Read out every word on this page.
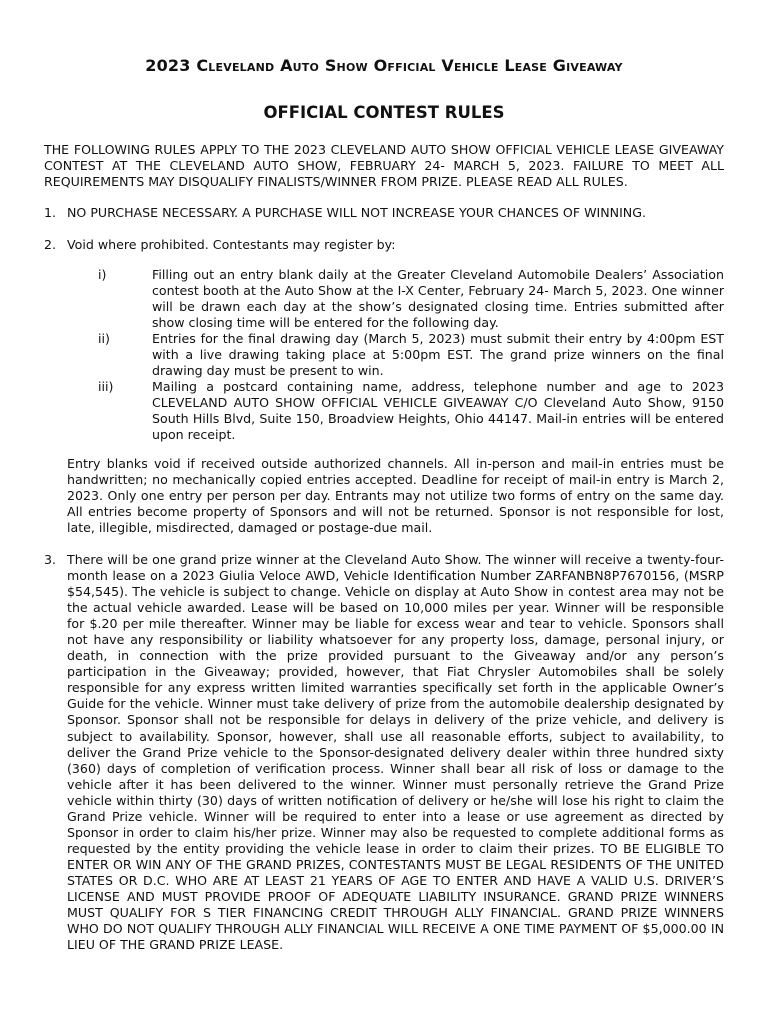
2023 Cleveland Auto Show Official Vehicle Lease Giveaway
OFFICIAL CONTEST RULES

THE FOLLOWING RULES APPLY TO THE 2023 CLEVELAND AUTO SHOW OFFICIAL VEHICLE LEASE GIVEAWAY CONTEST AT THE CLEVELAND AUTO SHOW, FEBRUARY 24- MARCH 5, 2023. FAILURE TO MEET ALL REQUIREMENTS MAY DISQUALIFY FINALISTS/WINNER FROM PRIZE. PLEASE READ ALL RULES.

1. NO PURCHASE NECESSARY. A PURCHASE WILL NOT INCREASE YOUR CHANCES OF WINNING.
2. Void where prohibited. Contestants may register by:
i)	Filling out an entry blank daily at the Greater Cleveland Automobile Dealers’ Association contest booth at the Auto Show at the I-X Center, February 24- March 5, 2023. One winner will be drawn each day at the show’s designated closing time. Entries submitted after show closing time will be entered for the following day.
ii)	Entries for the final drawing day (March 5, 2023) must submit their entry by 4:00pm EST with a live drawing taking place at 5:00pm EST. The grand prize winners on the final drawing day must be present to win.
iii)	Mailing a postcard containing name, address, telephone number and age to 2023 CLEVELAND AUTO SHOW OFFICIAL VEHICLE GIVEAWAY C/O Cleveland Auto Show, 9150 South Hills Blvd, Suite 150, Broadview Heights, Ohio 44147. Mail-in entries will be entered upon receipt.
Entry blanks void if received outside authorized channels. All in-person and mail-in entries must be handwritten; no mechanically copied entries accepted. Deadline for receipt of mail-in entry is March 2, 2023. Only one entry per person per day. Entrants may not utilize two forms of entry on the same day. All entries become property of Sponsors and will not be returned. Sponsor is not responsible for lost, late, illegible, misdirected, damaged or postage-due mail.
3. There will be one grand prize winner at the Cleveland Auto Show. The winner will receive a twenty-four-month lease on a 2023 Giulia Veloce AWD, Vehicle Identification Number ZARFANBN8P7670156, (MSRP $54,545). The vehicle is subject to change. Vehicle on display at Auto Show in contest area may not be the actual vehicle awarded. Lease will be based on 10,000 miles per year. Winner will be responsible for $.20 per mile thereafter. Winner may be liable for excess wear and tear to vehicle. Sponsors shall not have any responsibility or liability whatsoever for any property loss, damage, personal injury, or death, in connection with the prize provided pursuant to the Giveaway and/or any person’s participation in the Giveaway; provided, however, that Fiat Chrysler Automobiles shall be solely responsible for any express written limited warranties specifically set forth in the applicable Owner’s Guide for the vehicle. Winner must take delivery of prize from the automobile dealership designated by Sponsor. Sponsor shall not be responsible for delays in delivery of the prize vehicle, and delivery is subject to availability. Sponsor, however, shall use all reasonable efforts, subject to availability, to deliver the Grand Prize vehicle to the Sponsor-designated delivery dealer within three hundred sixty (360) days of completion of verification process. Winner shall bear all risk of loss or damage to the vehicle after it has been delivered to the winner. Winner must personally retrieve the Grand Prize vehicle within thirty (30) days of written notification of delivery or he/she will lose his right to claim the Grand Prize vehicle. Winner will be required to enter into a lease or use agreement as directed by Sponsor in order to claim his/her prize. Winner may also be requested to complete additional forms as requested by the entity providing the vehicle lease in order to claim their prizes. TO BE ELIGIBLE TO ENTER OR WIN ANY OF THE GRAND PRIZES, CONTESTANTS MUST BE LEGAL RESIDENTS OF THE UNITED STATES OR D.C. WHO ARE AT LEAST 21 YEARS OF AGE TO ENTER AND HAVE A VALID U.S. DRIVER’S LICENSE AND MUST PROVIDE PROOF OF ADEQUATE LIABILITY INSURANCE. GRAND PRIZE WINNERS MUST QUALIFY FOR S TIER FINANCING CREDIT THROUGH ALLY FINANCIAL. GRAND PRIZE WINNERS WHO DO NOT QUALIFY THROUGH ALLY FINANCIAL WILL RECEIVE A ONE TIME PAYMENT OF $5,000.00 IN LIEU OF THE GRAND PRIZE LEASE.
